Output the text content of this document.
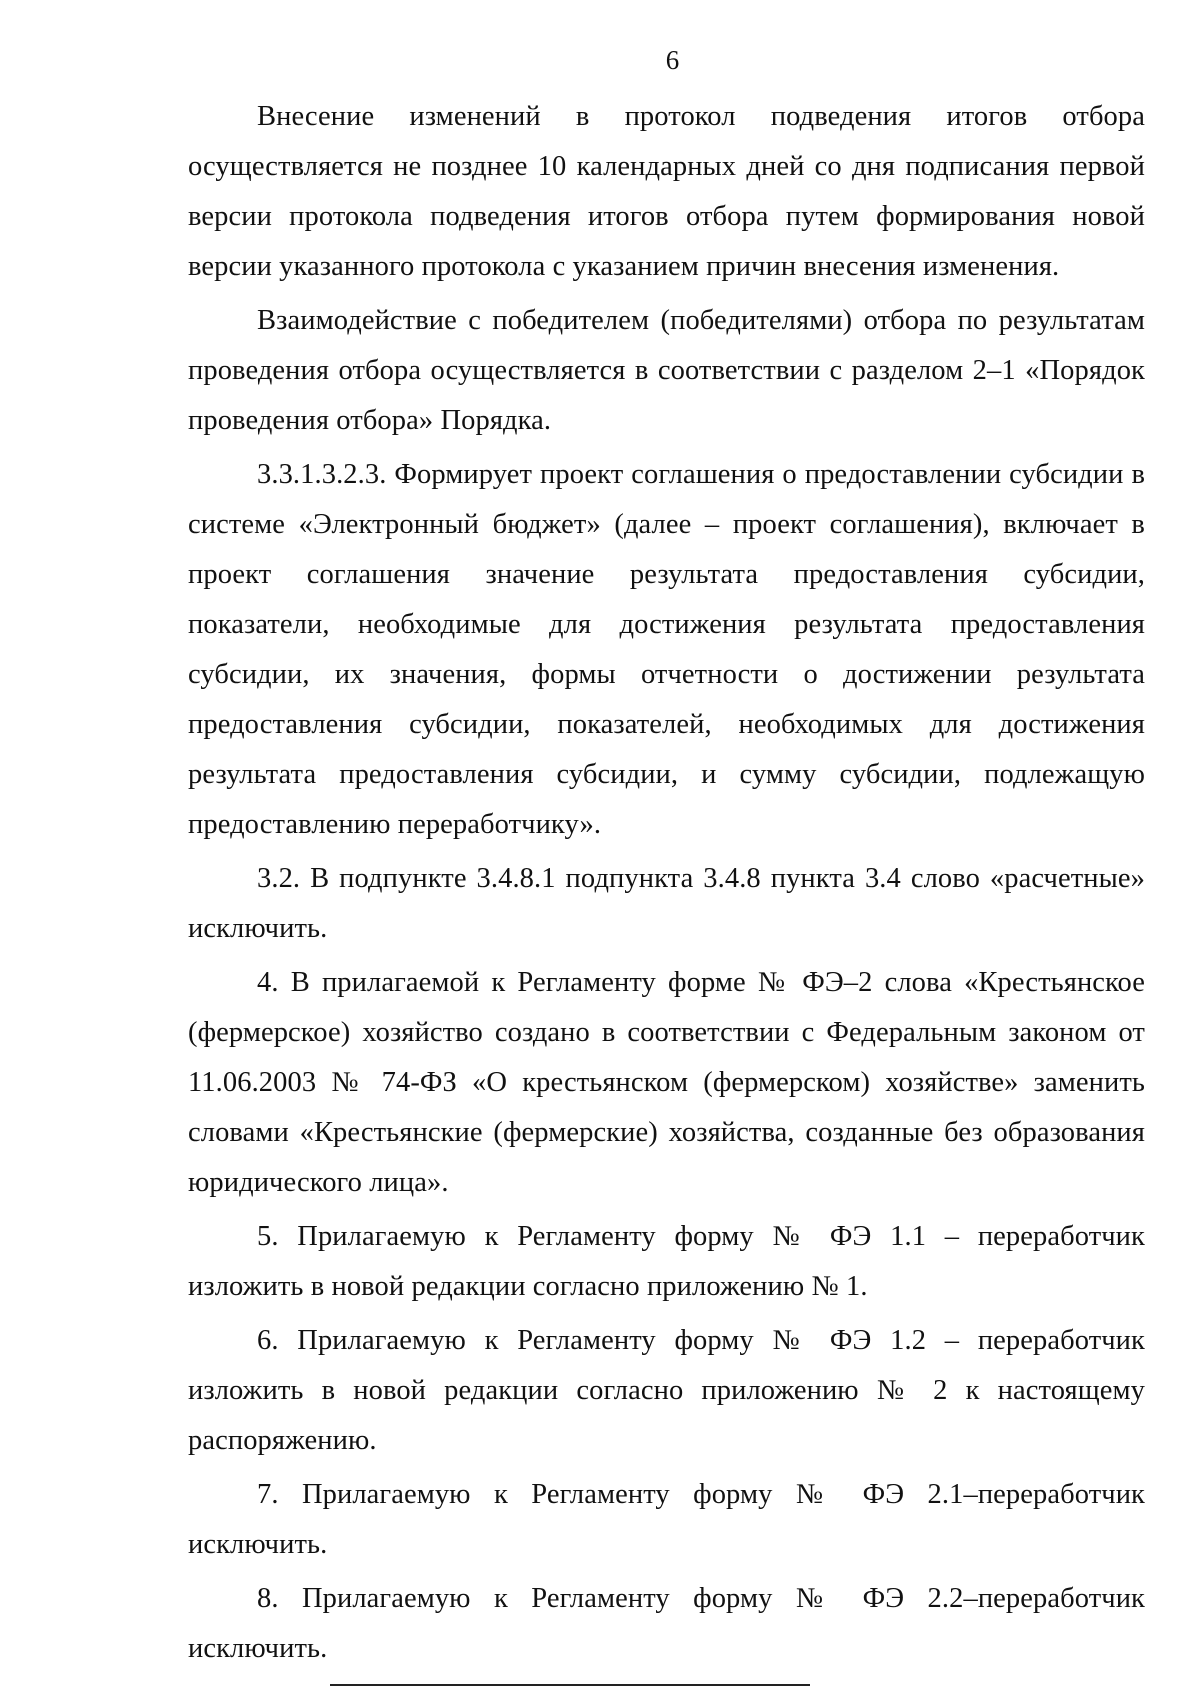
6

Внесение изменений в протокол подведения итогов отбора осуществляется не позднее 10 календарных дней со дня подписания первой версии протокола подведения итогов отбора путем формирования новой версии указанного протокола с указанием причин внесения изменения.

Взаимодействие с победителем (победителями) отбора по результатам проведения отбора осуществляется в соответствии с разделом 2–1 «Порядок проведения отбора» Порядка.

3.3.1.3.2.3. Формирует проект соглашения о предоставлении субсидии в системе «Электронный бюджет» (далее – проект соглашения), включает в проект соглашения значение результата предоставления субсидии, показатели, необходимые для достижения результата предоставления субсидии, их значения, формы отчетности о достижении результата предоставления субсидии, показателей, необходимых для достижения результата предоставления субсидии, и сумму субсидии, подлежащую предоставлению переработчику».

3.2. В подпункте 3.4.8.1 подпункта 3.4.8 пункта 3.4 слово «расчетные» исключить.

4. В прилагаемой к Регламенту форме № ФЭ–2 слова «Крестьянское (фермерское) хозяйство создано в соответствии с Федеральным законом от 11.06.2003 № 74-ФЗ «О крестьянском (фермерском) хозяйстве» заменить словами «Крестьянские (фермерские) хозяйства, созданные без образования юридического лица».

5. Прилагаемую к Регламенту форму № ФЭ 1.1 – переработчик изложить в новой редакции согласно приложению № 1.

6. Прилагаемую к Регламенту форму № ФЭ 1.2 – переработчик изложить в новой редакции согласно приложению № 2 к настоящему распоряжению.

7. Прилагаемую к Регламенту форму № ФЭ 2.1–переработчик исключить.

8. Прилагаемую к Регламенту форму № ФЭ 2.2–переработчик исключить.
